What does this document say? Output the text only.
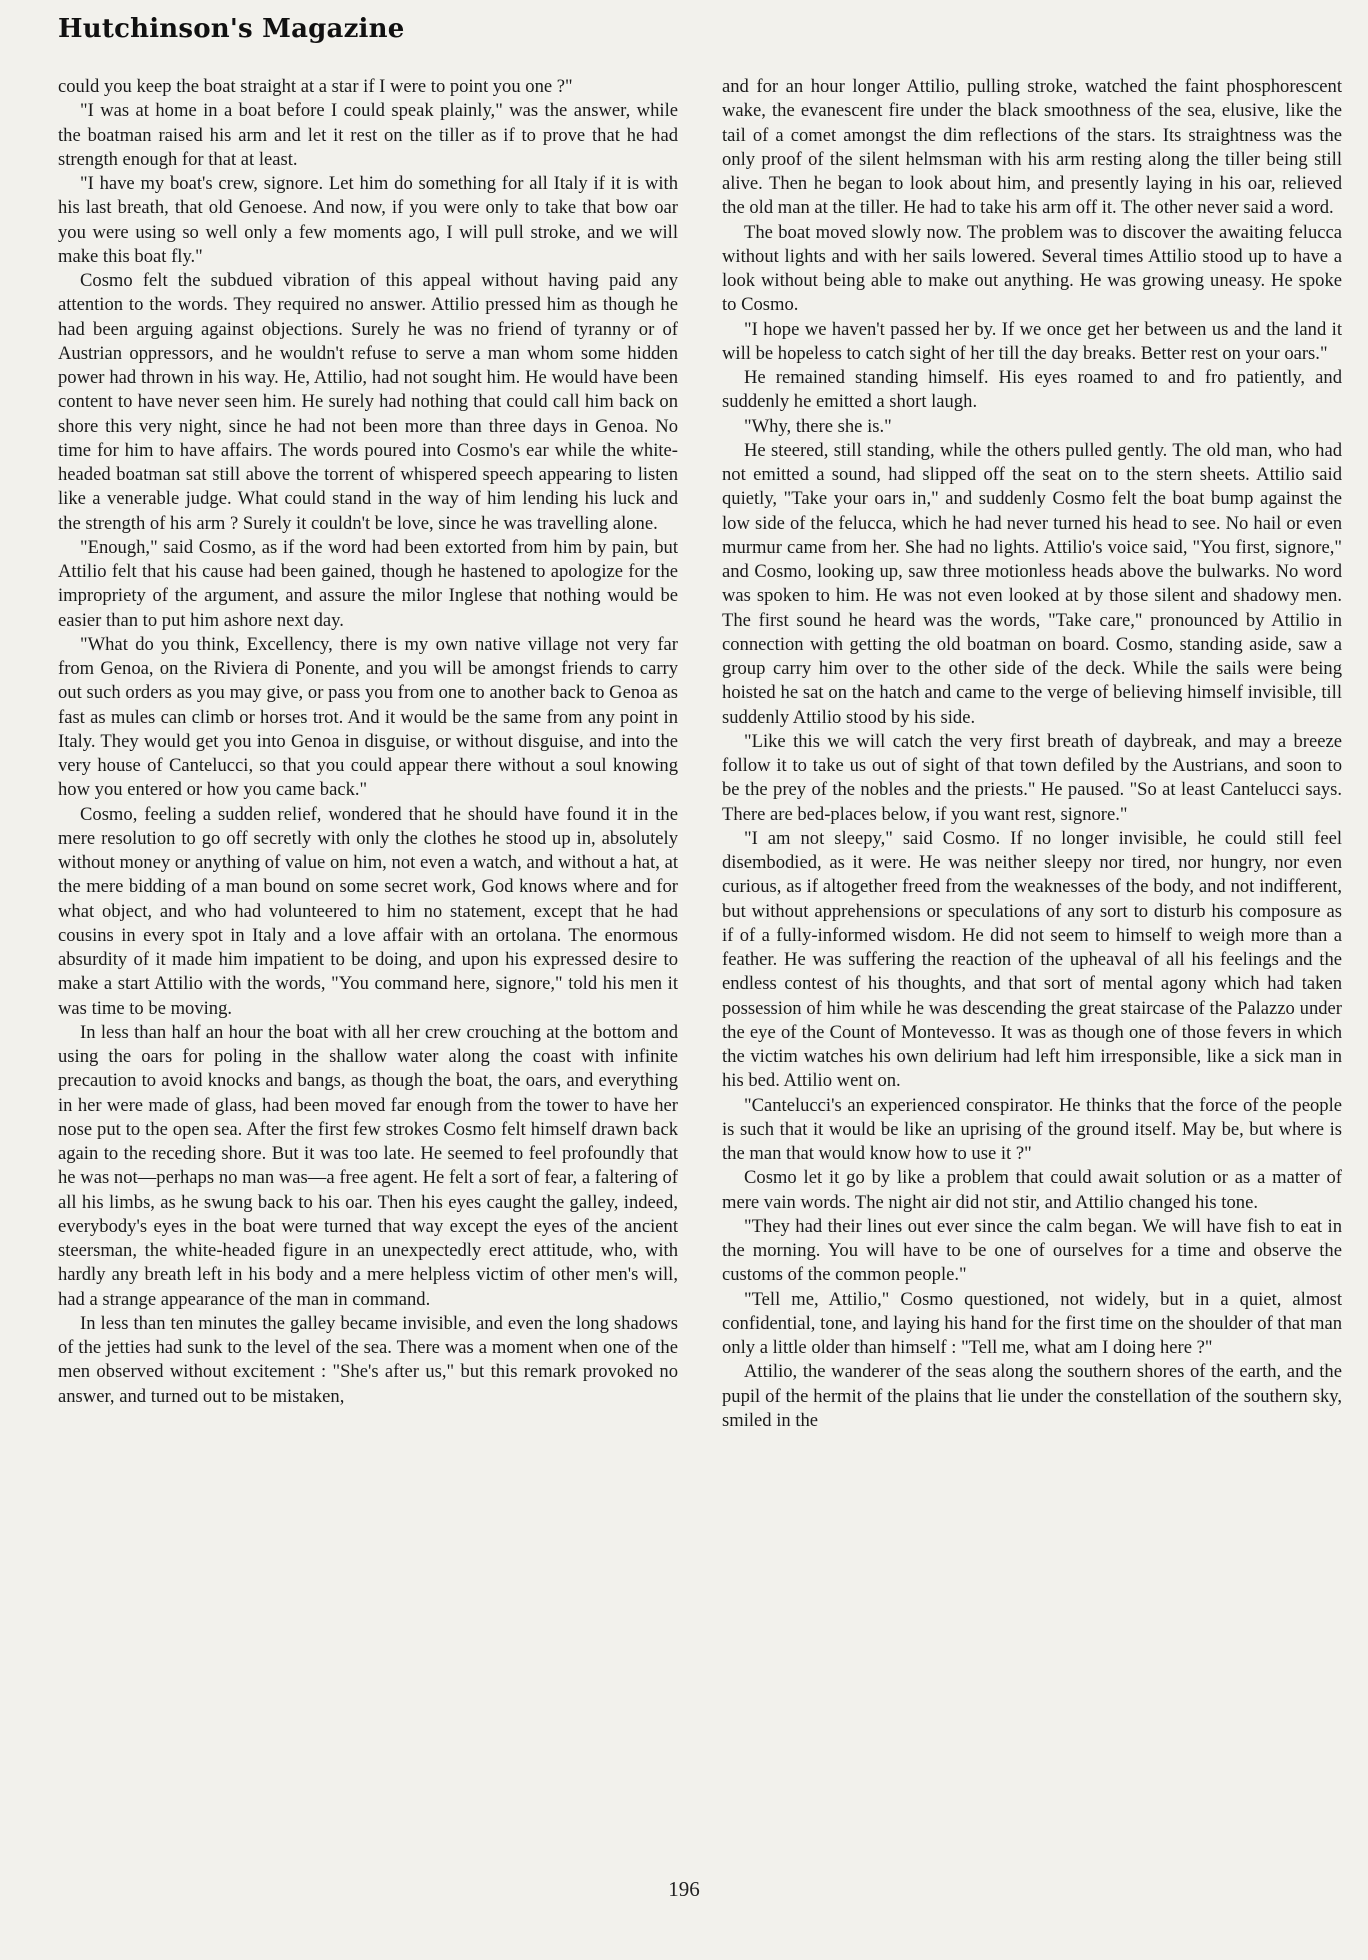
Hutchinson's Magazine

could you keep the boat straight at a star if I were to point you one ?"

"I was at home in a boat before I could speak plainly," was the answer, while the boatman raised his arm and let it rest on the tiller as if to prove that he had strength enough for that at least.

"I have my boat's crew, signore. Let him do something for all Italy if it is with his last breath, that old Genoese. And now, if you were only to take that bow oar you were using so well only a few moments ago, I will pull stroke, and we will make this boat fly."

Cosmo felt the subdued vibration of this appeal without having paid any attention to the words. They required no answer. Attilio pressed him as though he had been arguing against objections. Surely he was no friend of tyranny or of Austrian oppressors, and he wouldn't refuse to serve a man whom some hidden power had thrown in his way. He, Attilio, had not sought him. He would have been content to have never seen him. He surely had nothing that could call him back on shore this very night, since he had not been more than three days in Genoa. No time for him to have affairs. The words poured into Cosmo's ear while the white-headed boatman sat still above the torrent of whispered speech appearing to listen like a venerable judge. What could stand in the way of him lending his luck and the strength of his arm ? Surely it couldn't be love, since he was travelling alone.

"Enough," said Cosmo, as if the word had been extorted from him by pain, but Attilio felt that his cause had been gained, though he hastened to apologize for the impropriety of the argument, and assure the milor Inglese that nothing would be easier than to put him ashore next day.

"What do you think, Excellency, there is my own native village not very far from Genoa, on the Riviera di Ponente, and you will be amongst friends to carry out such orders as you may give, or pass you from one to another back to Genoa as fast as mules can climb or horses trot. And it would be the same from any point in Italy. They would get you into Genoa in disguise, or without disguise, and into the very house of Cantelucci, so that you could appear there without a soul knowing how you entered or how you came back."

Cosmo, feeling a sudden relief, wondered that he should have found it in the mere resolution to go off secretly with only the clothes he stood up in, absolutely without money or anything of value on him, not even a watch, and without a hat, at the mere bidding of a man bound on some secret work, God knows where and for what object, and who had volunteered to him no statement, except that he had cousins in every spot in Italy and a love affair with an ortolana. The enormous absurdity of it made him impatient to be doing, and upon his expressed desire to make a start Attilio with the words, "You command here, signore," told his men it was time to be moving.

In less than half an hour the boat with all her crew crouching at the bottom and using the oars for poling in the shallow water along the coast with infinite precaution to avoid knocks and bangs, as though the boat, the oars, and everything in her were made of glass, had been moved far enough from the tower to have her nose put to the open sea. After the first few strokes Cosmo felt himself drawn back again to the receding shore. But it was too late. He seemed to feel profoundly that he was not—perhaps no man was—a free agent. He felt a sort of fear, a faltering of all his limbs, as he swung back to his oar. Then his eyes caught the galley, indeed, everybody's eyes in the boat were turned that way except the eyes of the ancient steersman, the white-headed figure in an unexpectedly erect attitude, who, with hardly any breath left in his body and a mere helpless victim of other men's will, had a strange appearance of the man in command.

In less than ten minutes the galley became invisible, and even the long shadows of the jetties had sunk to the level of the sea. There was a moment when one of the men observed without excitement : "She's after us," but this remark provoked no answer, and turned out to be mistaken,

and for an hour longer Attilio, pulling stroke, watched the faint phosphorescent wake, the evanescent fire under the black smoothness of the sea, elusive, like the tail of a comet amongst the dim reflections of the stars. Its straightness was the only proof of the silent helmsman with his arm resting along the tiller being still alive. Then he began to look about him, and presently laying in his oar, relieved the old man at the tiller. He had to take his arm off it. The other never said a word.

The boat moved slowly now. The problem was to discover the awaiting felucca without lights and with her sails lowered. Several times Attilio stood up to have a look without being able to make out anything. He was growing uneasy. He spoke to Cosmo.

"I hope we haven't passed her by. If we once get her between us and the land it will be hopeless to catch sight of her till the day breaks. Better rest on your oars."

He remained standing himself. His eyes roamed to and fro patiently, and suddenly he emitted a short laugh.

"Why, there she is."

He steered, still standing, while the others pulled gently. The old man, who had not emitted a sound, had slipped off the seat on to the stern sheets. Attilio said quietly, "Take your oars in," and suddenly Cosmo felt the boat bump against the low side of the felucca, which he had never turned his head to see. No hail or even murmur came from her. She had no lights. Attilio's voice said, "You first, signore," and Cosmo, looking up, saw three motionless heads above the bulwarks. No word was spoken to him. He was not even looked at by those silent and shadowy men. The first sound he heard was the words, "Take care," pronounced by Attilio in connection with getting the old boatman on board. Cosmo, standing aside, saw a group carry him over to the other side of the deck. While the sails were being hoisted he sat on the hatch and came to the verge of believing himself invisible, till suddenly Attilio stood by his side.

"Like this we will catch the very first breath of daybreak, and may a breeze follow it to take us out of sight of that town defiled by the Austrians, and soon to be the prey of the nobles and the priests." He paused. "So at least Cantelucci says. There are bed-places below, if you want rest, signore."

"I am not sleepy," said Cosmo. If no longer invisible, he could still feel disembodied, as it were. He was neither sleepy nor tired, nor hungry, nor even curious, as if altogether freed from the weaknesses of the body, and not indifferent, but without apprehensions or speculations of any sort to disturb his composure as if of a fully-informed wisdom. He did not seem to himself to weigh more than a feather. He was suffering the reaction of the upheaval of all his feelings and the endless contest of his thoughts, and that sort of mental agony which had taken possession of him while he was descending the great staircase of the Palazzo under the eye of the Count of Montevesso. It was as though one of those fevers in which the victim watches his own delirium had left him irresponsible, like a sick man in his bed. Attilio went on.

"Cantelucci's an experienced conspirator. He thinks that the force of the people is such that it would be like an uprising of the ground itself. May be, but where is the man that would know how to use it ?"

Cosmo let it go by like a problem that could await solution or as a matter of mere vain words. The night air did not stir, and Attilio changed his tone.

"They had their lines out ever since the calm began. We will have fish to eat in the morning. You will have to be one of ourselves for a time and observe the customs of the common people."

"Tell me, Attilio," Cosmo questioned, not widely, but in a quiet, almost confidential, tone, and laying his hand for the first time on the shoulder of that man only a little older than himself : "Tell me, what am I doing here ?"

Attilio, the wanderer of the seas along the southern shores of the earth, and the pupil of the hermit of the plains that lie under the constellation of the southern sky, smiled in the

196
